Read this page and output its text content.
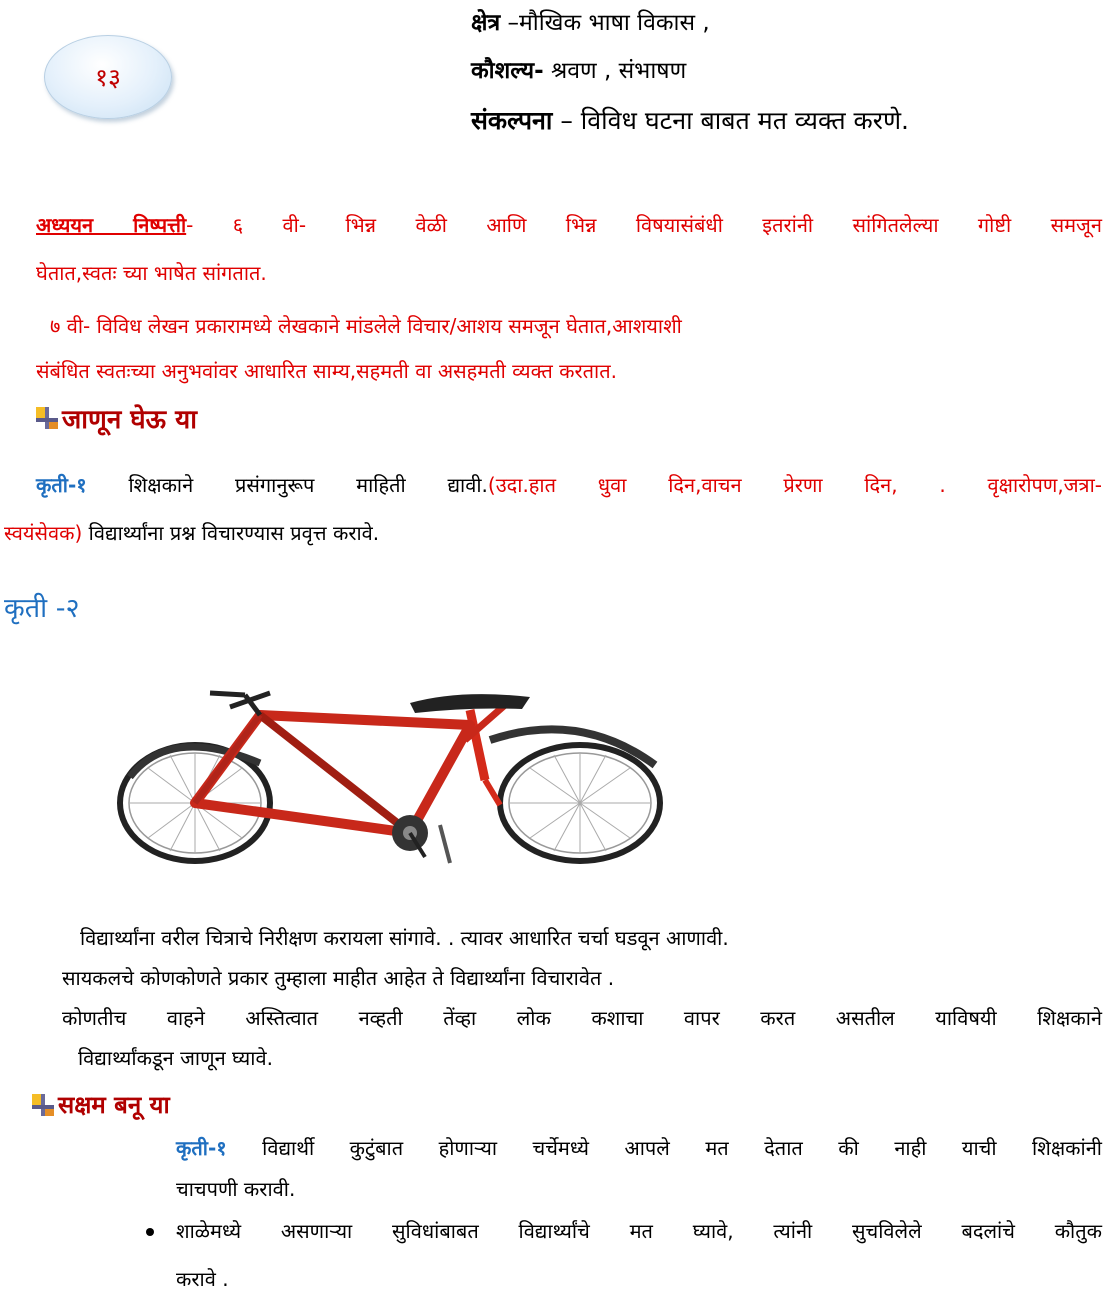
१३
क्षेत्र –मौखिक भाषा विकास ,
कौशल्य- श्रवण , संभाषण
संकल्पना – विविध घटना बाबत मत व्यक्त करणे.
अध्ययन निष्पत्ती- ६ वी- भिन्न वेळी आणि भिन्न विषयासंबंधी इतरांनी सांगितलेल्या गोष्टी समजून
घेतात,स्वतः च्या भाषेत सांगतात.
७ वी- विविध लेखन प्रकारामध्ये लेखकाने मांडलेले विचार/आशय समजून घेतात,आशयाशी
संबंधित स्वतःच्या अनुभवांवर आधारित साम्य,सहमती वा असहमती व्यक्त करतात.
जाणून घेऊ या
कृती-१ शिक्षकाने प्रसंगानुरूप माहिती द्यावी.(उदा.हात धुवा दिन,वाचन प्रेरणा दिन, . वृक्षारोपण,जत्रा-
स्वयंसेवक) विद्यार्थ्यांना प्रश्न विचारण्यास प्रवृत्त करावे.
कृती -२
विद्यार्थ्यांना वरील चित्राचे निरीक्षण करायला सांगावे. . त्यावर आधारित चर्चा घडवून आणावी.
सायकलचे कोणकोणते प्रकार तुम्हाला माहीत आहेत ते विद्यार्थ्यांना विचारावेत .
कोणतीच वाहने अस्तित्वात नव्हती तेंव्हा लोक कशाचा वापर करत असतील याविषयी शिक्षकाने
विद्यार्थ्यांकडून जाणून घ्यावे.
सक्षम बनू या
कृती-१ विद्यार्थी कुटुंबात होणाऱ्या चर्चेमध्ये आपले मत देतात की नाही याची शिक्षकांनी
चाचपणी करावी.
शाळेमध्ये असणाऱ्या सुविधांबाबत विद्यार्थ्यांचे मत घ्यावे, त्यांनी सुचविलेले बदलांचे कौतुक
करावे .
